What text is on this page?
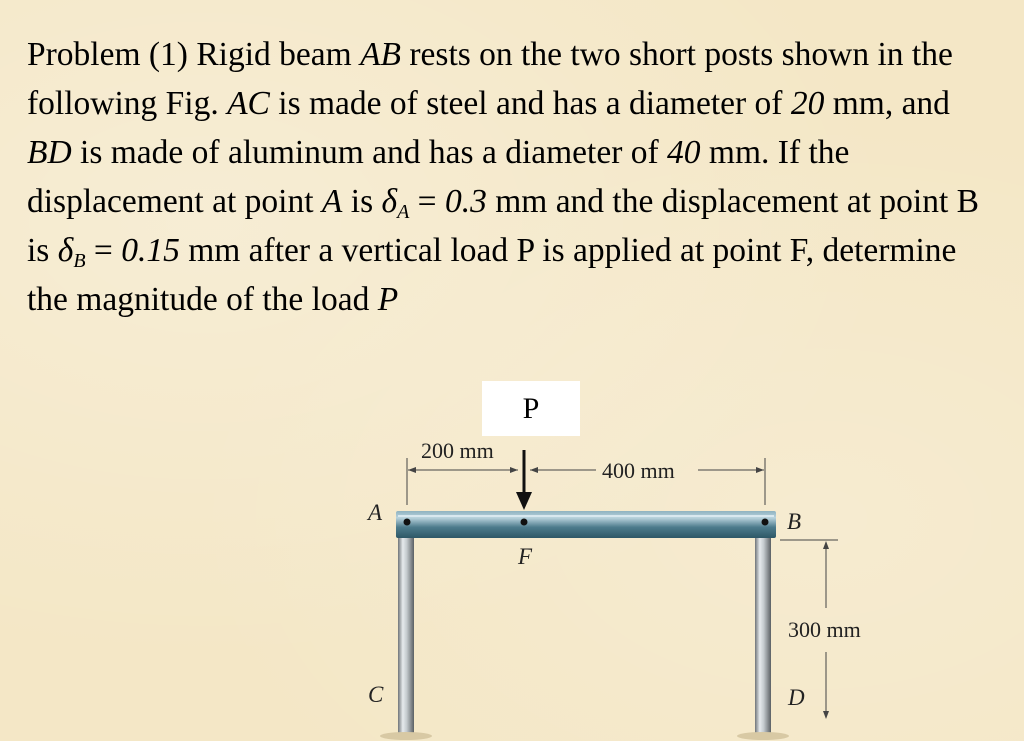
Problem (1) Rigid beam AB rests on the two short posts shown in the following Fig. AC is made of steel and has a diameter of 20 mm, and BD is made of aluminum and has a diameter of 40 mm. If the displacement at point A is $\delta_A = 0.3$ mm and the displacement at point B is $\delta_B = 0.15$ mm after a vertical load P is applied at point F, determine the magnitude of the load P

P
200 mm
400 mm
300 mm
A	B
F
C	D
